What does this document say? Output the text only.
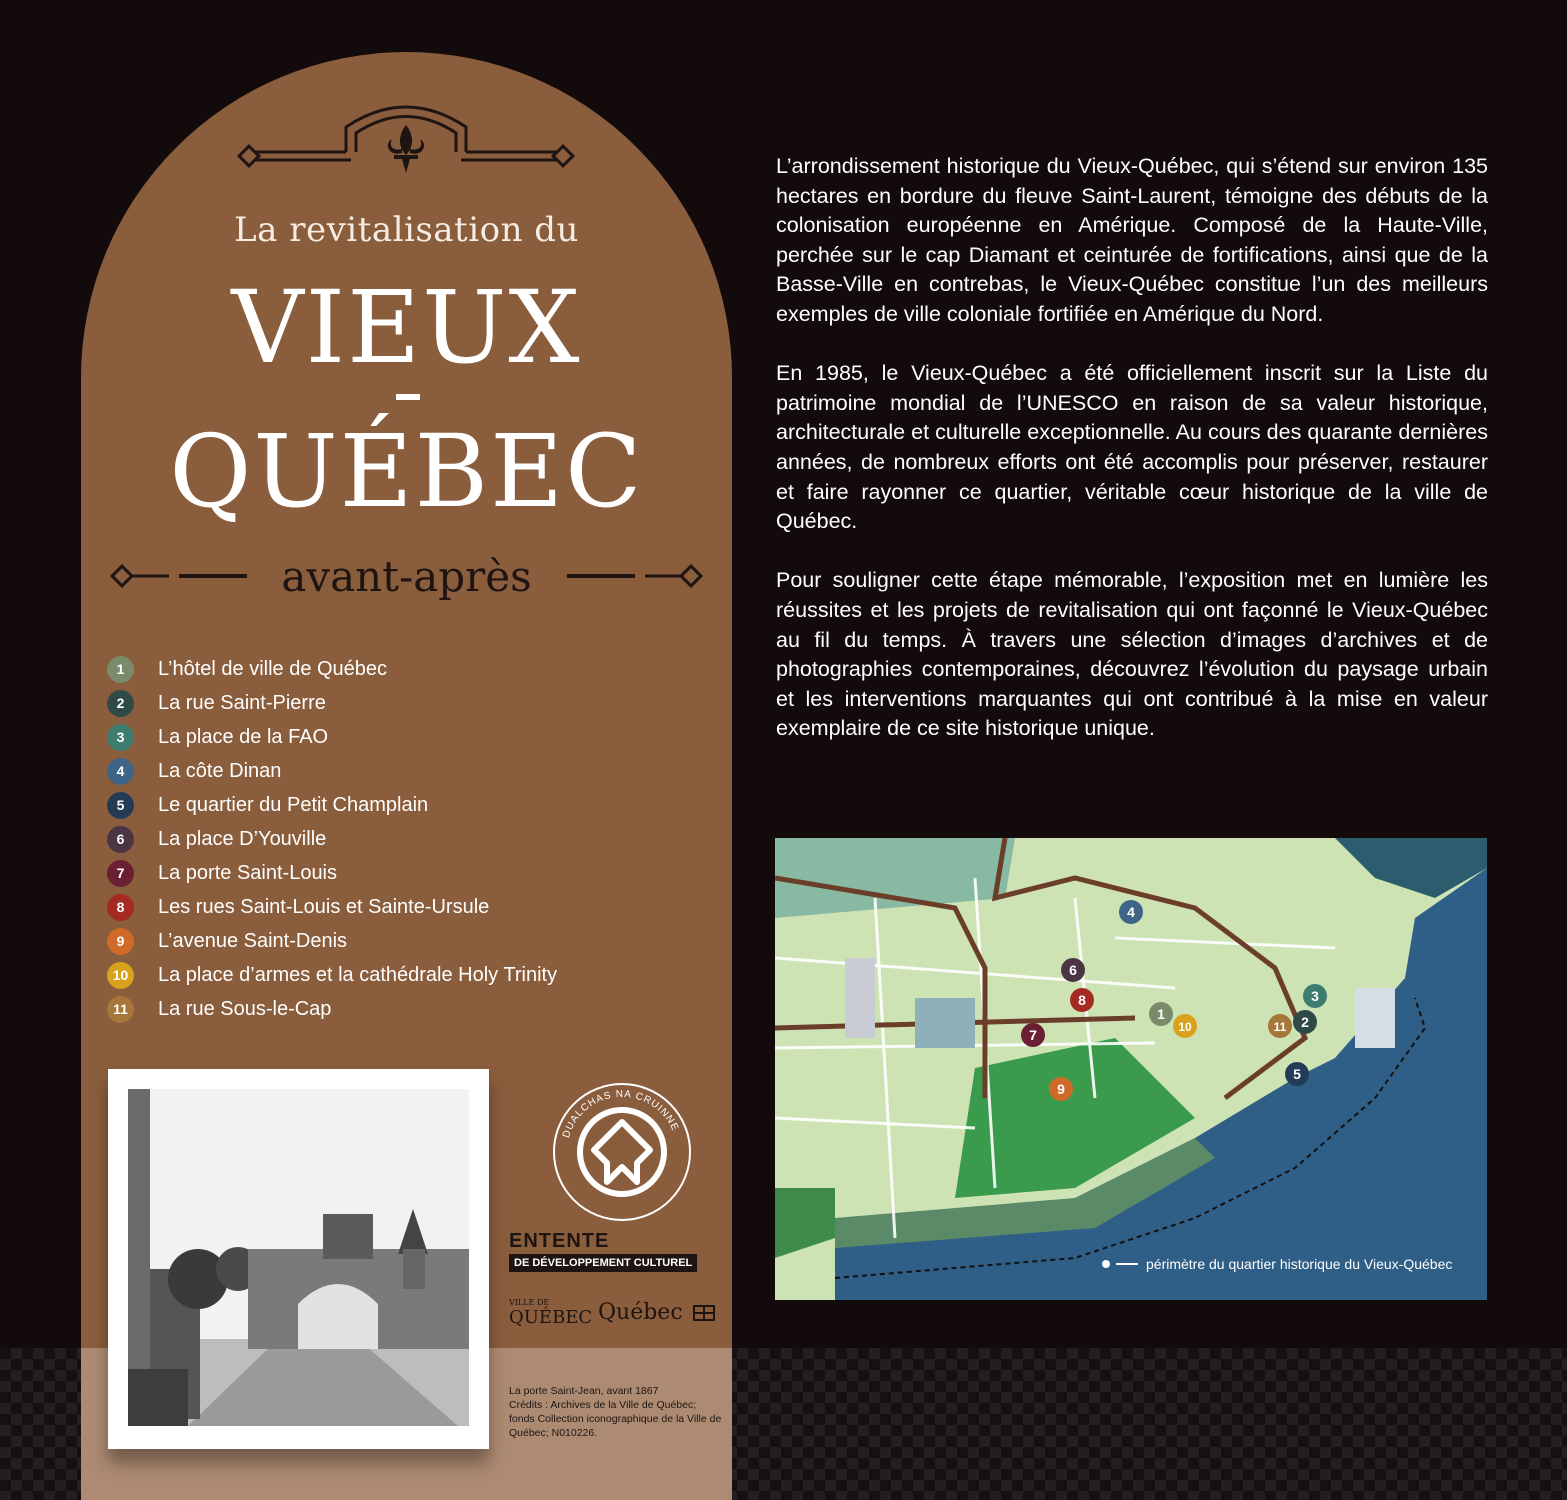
La revitalisation du
VIEUX
QUÉBEC
avant-après
1	L’hôtel de ville de Québec
2	La rue Saint-Pierre
3	La place de la FAO
4	La côte Dinan
5	Le quartier du Petit Champlain
6	La place D’Youville
7	La porte Saint-Louis
8	Les rues Saint-Louis et Sainte-Ursule
9	L’avenue Saint-Denis
10 La place d’armes et la cathédrale Holy Trinity
11	La rue Sous-le-Cap
DUALCHAS NA CRUINNE
ENTENTE
DE DÉVELOPPEMENT CULTUREL
VILLE DE
QUÉBEC Québec
La porte Saint-Jean, avant 1867
Crédits : Archives de la Ville de Québec; fonds Collection iconographique de la Ville de Québec; N010226.

L’arrondissement historique du Vieux-Québec, qui s’étend sur environ 135 hectares en bordure du fleuve Saint-Laurent, témoigne des débuts de la colonisation européenne en Amérique. Composé de la Haute-Ville, perchée sur le cap Diamant et ceinturée de fortifications, ainsi que de la Basse-Ville en contrebas, le Vieux-Québec constitue l’un des meilleurs exemples de ville coloniale fortifiée en Amérique du Nord.

En 1985, le Vieux-Québec a été officiellement inscrit sur la Liste du patrimoine mondial de l’UNESCO en raison de sa valeur historique, architecturale et culturelle exceptionnelle. Au cours des quarante dernières années, de nombreux efforts ont été accomplis pour préserver, restaurer et faire rayonner ce quartier, véritable cœur historique de la ville de Québec.

Pour souligner cette étape mémorable, l’exposition met en lumière les réussites et les projets de revitalisation qui ont façonné le Vieux-Québec au fil du temps. À travers une sélection d’images d’archives et de photographies contemporaines, découvrez l’évolution du paysage urbain et les interventions marquantes qui ont contribué à la mise en valeur exemplaire de ce site historique unique.

1	2
3
4
5
6
7
8
9
10	11
périmètre du quartier historique du Vieux-Québec
